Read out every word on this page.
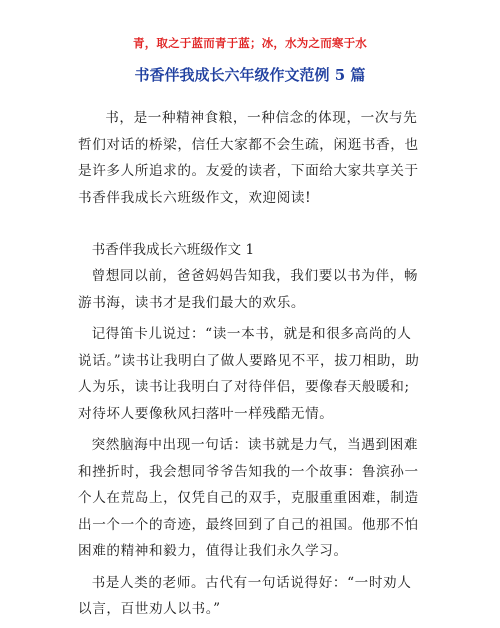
青，取之于蓝而青于蓝；冰，水为之而寒于水
书香伴我成长六年级作文范例 5 篇
书，是一种精神食粮，一种信念的体现，一次与先哲们对话的桥梁，信任大家都不会生疏，闲逛书香，也是许多人所追求的。友爱的读者，下面给大家共享关于书香伴我成长六班级作文，欢迎阅读!
书香伴我成长六班级作文 1

曾想同以前，爸爸妈妈告知我，我们要以书为伴，畅游书海，读书才是我们最大的欢乐。

记得笛卡儿说过：“读一本书，就是和很多高尚的人说话。”读书让我明白了做人要路见不平，拔刀相助，助人为乐，读书让我明白了对待伴侣，要像春天般暖和;对待坏人要像秋风扫落叶一样残酷无情。

突然脑海中出现一句话：读书就是力气，当遇到困难和挫折时，我会想同爷爷告知我的一个故事：鲁滨孙一个人在荒岛上，仅凭自己的双手，克服重重困难，制造出一个一个的奇迹，最终回到了自己的祖国。他那不怕困难的精神和毅力，值得让我们永久学习。

书是人类的老师。古代有一句话说得好：“一时劝人以言，百世劝人以书。”
